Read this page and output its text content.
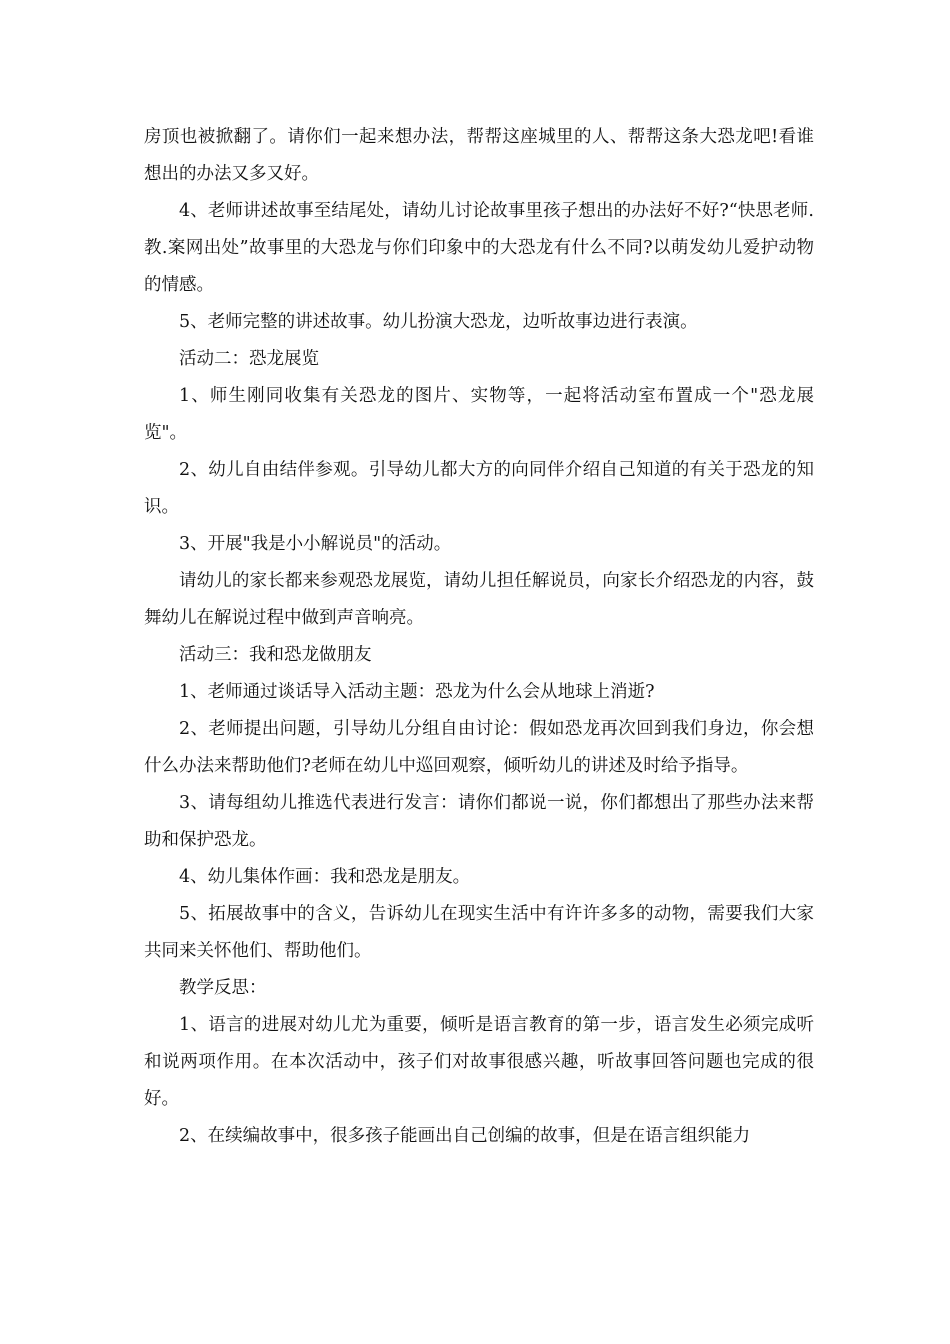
房顶也被掀翻了。请你们一起来想办法，帮帮这座城里的人、帮帮这条大恐龙吧!看谁想出的办法又多又好。

4、老师讲述故事至结尾处，请幼儿讨论故事里孩子想出的办法好不好?“快思老师.教.案网出处”故事里的大恐龙与你们印象中的大恐龙有什么不同?以萌发幼儿爱护动物的情感。

5、老师完整的讲述故事。幼儿扮演大恐龙，边听故事边进行表演。

活动二：恐龙展览

1、师生刚同收集有关恐龙的图片、实物等，一起将活动室布置成一个"恐龙展览"。

2、幼儿自由结伴参观。引导幼儿都大方的向同伴介绍自己知道的有关于恐龙的知识。

3、开展"我是小小解说员"的活动。

请幼儿的家长都来参观恐龙展览，请幼儿担任解说员，向家长介绍恐龙的内容，鼓舞幼儿在解说过程中做到声音响亮。

活动三：我和恐龙做朋友

1、老师通过谈话导入活动主题：恐龙为什么会从地球上消逝?

2、老师提出问题，引导幼儿分组自由讨论：假如恐龙再次回到我们身边，你会想什么办法来帮助他们?老师在幼儿中巡回观察，倾听幼儿的讲述及时给予指导。

3、请每组幼儿推选代表进行发言：请你们都说一说，你们都想出了那些办法来帮助和保护恐龙。

4、幼儿集体作画：我和恐龙是朋友。

5、拓展故事中的含义，告诉幼儿在现实生活中有许许多多的动物，需要我们大家共同来关怀他们、帮助他们。

教学反思：

1、语言的进展对幼儿尤为重要，倾听是语言教育的第一步，语言发生必须完成听和说两项作用。在本次活动中，孩子们对故事很感兴趣，听故事回答问题也完成的很好。

2、在续编故事中，很多孩子能画出自己创编的故事，但是在语言组织能力
